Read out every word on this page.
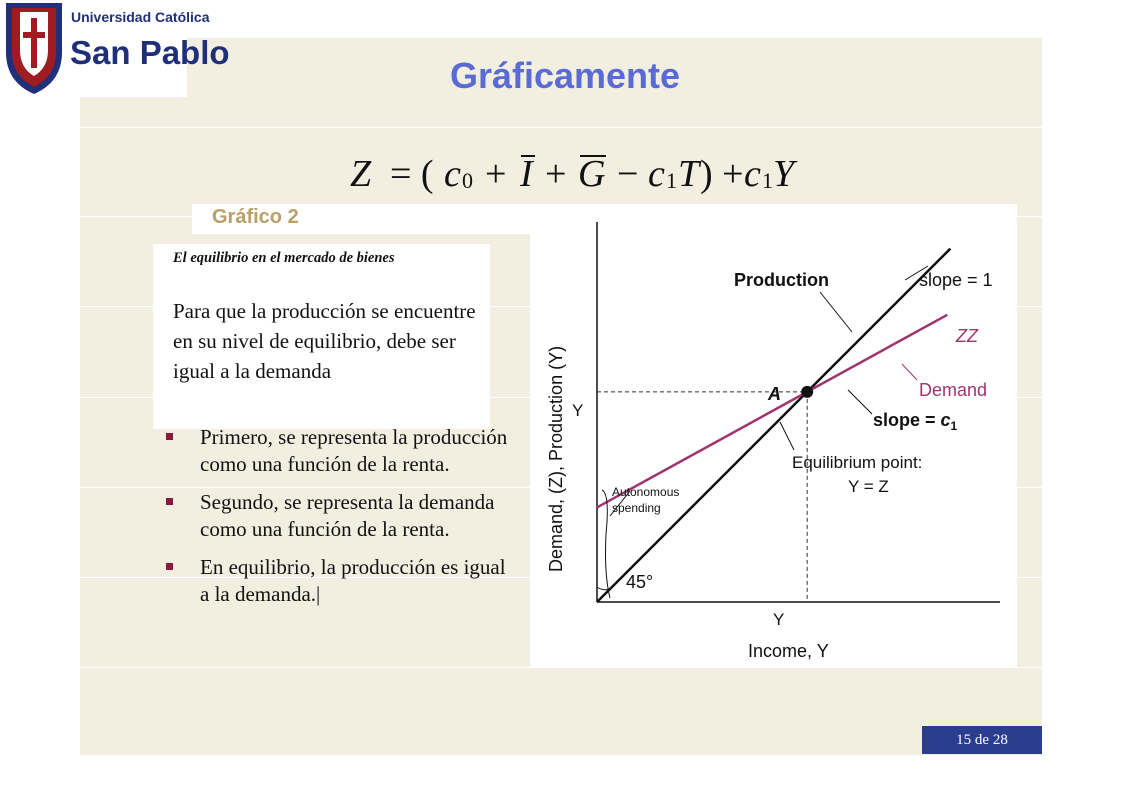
Universidad Católica
San Pablo
Gráficamente
Z = ( c 0 + I + G − c 1 T ) + c 1 Y
Gráfico 2
El equilibrio en el mercado de bienes
Para que la producción se encuentre en su nivel de equilibrio, debe ser igual a la demanda
Primero, se representa la producción como una función de la renta.
Segundo, se representa la demanda como una función de la renta.
En equilibrio, la producción es igual a la demanda.|
Production	slope = 1
ZZ
Demand
slope = $c_1$
A
Equilibrium point:
Y = Z
Autonomous
spending
45°
Y
Y
Income, Y
Demand, (Z), Production (Y)
15 de 28
